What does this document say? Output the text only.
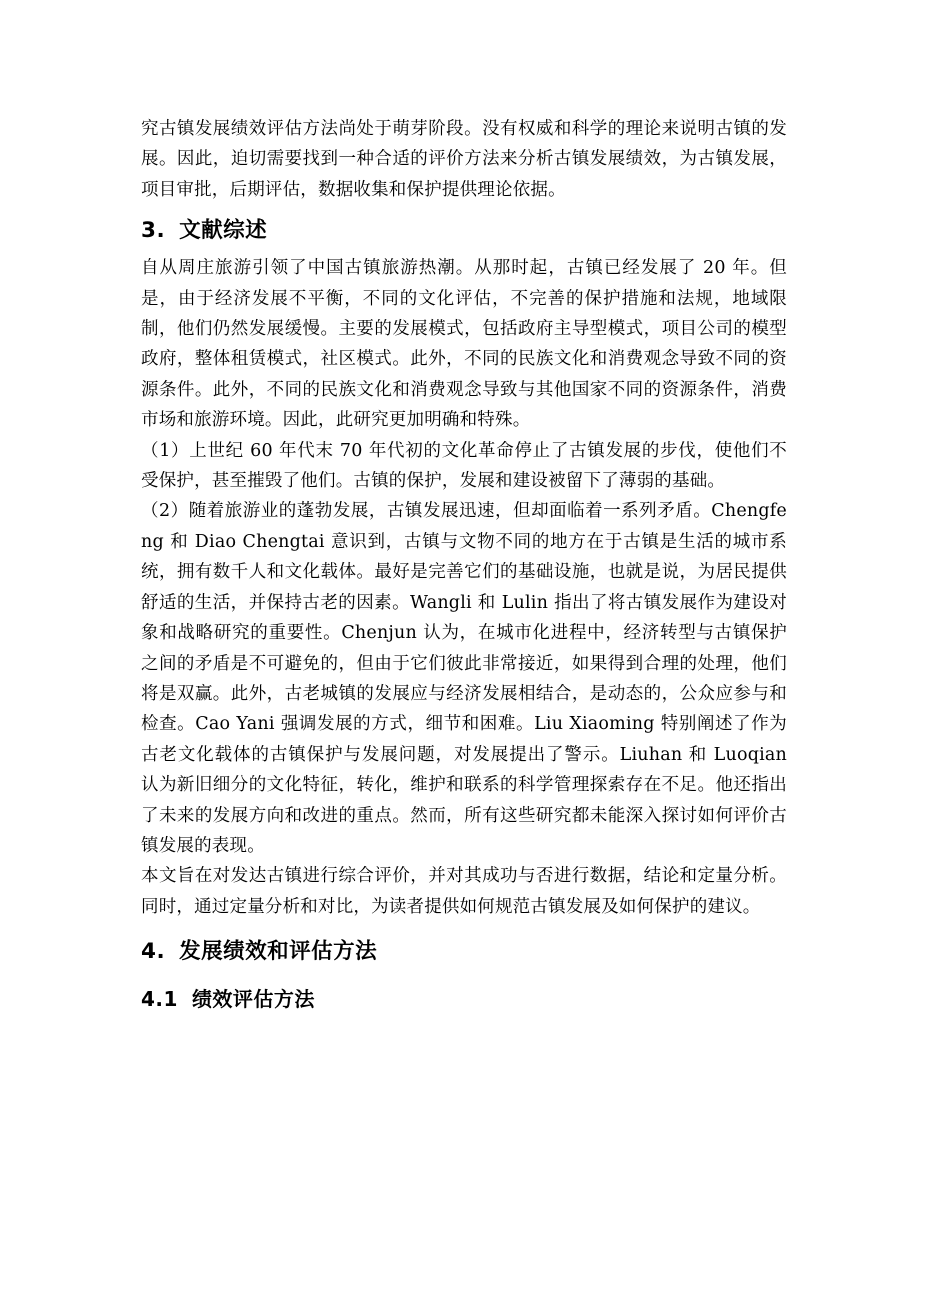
究古镇发展绩效评估方法尚处于萌芽阶段。没有权威和科学的理论来说明古镇的发展。因此，迫切需要找到一种合适的评价方法来分析古镇发展绩效，为古镇发展，项目审批，后期评估，数据收集和保护提供理论依据。

3. 文献综述

自从周庄旅游引领了中国古镇旅游热潮。从那时起，古镇已经发展了 20 年。但是，由于经济发展不平衡，不同的文化评估，不完善的保护措施和法规，地域限制，他们仍然发展缓慢。主要的发展模式，包括政府主导型模式，项目公司的模型政府，整体租赁模式，社区模式。此外，不同的民族文化和消费观念导致不同的资源条件。此外，不同的民族文化和消费观念导致与其他国家不同的资源条件，消费市场和旅游环境。因此，此研究更加明确和特殊。

（1）上世纪 60 年代末 70 年代初的文化革命停止了古镇发展的步伐，使他们不受保护，甚至摧毁了他们。古镇的保护，发展和建设被留下了薄弱的基础。

（2）随着旅游业的蓬勃发展，古镇发展迅速，但却面临着一系列矛盾。Chengfeng 和 Diao Chengtai 意识到，古镇与文物不同的地方在于古镇是生活的城市系统，拥有数千人和文化载体。最好是完善它们的基础设施，也就是说，为居民提供舒适的生活，并保持古老的因素。Wangli 和 Lulin 指出了将古镇发展作为建设对象和战略研究的重要性。Chenjun 认为，在城市化进程中，经济转型与古镇保护之间的矛盾是不可避免的，但由于它们彼此非常接近，如果得到合理的处理，他们将是双赢。此外，古老城镇的发展应与经济发展相结合，是动态的，公众应参与和检查。Cao Yani 强调发展的方式，细节和困难。Liu Xiaoming 特别阐述了作为古老文化载体的古镇保护与发展问题，对发展提出了警示。Liuhan 和 Luoqian 认为新旧细分的文化特征，转化，维护和联系的科学管理探索存在不足。他还指出了未来的发展方向和改进的重点。然而，所有这些研究都未能深入探讨如何评价古镇发展的表现。

本文旨在对发达古镇进行综合评价，并对其成功与否进行数据，结论和定量分析。同时，通过定量分析和对比，为读者提供如何规范古镇发展及如何保护的建议。

4. 发展绩效和评估方法
4.1 绩效评估方法
